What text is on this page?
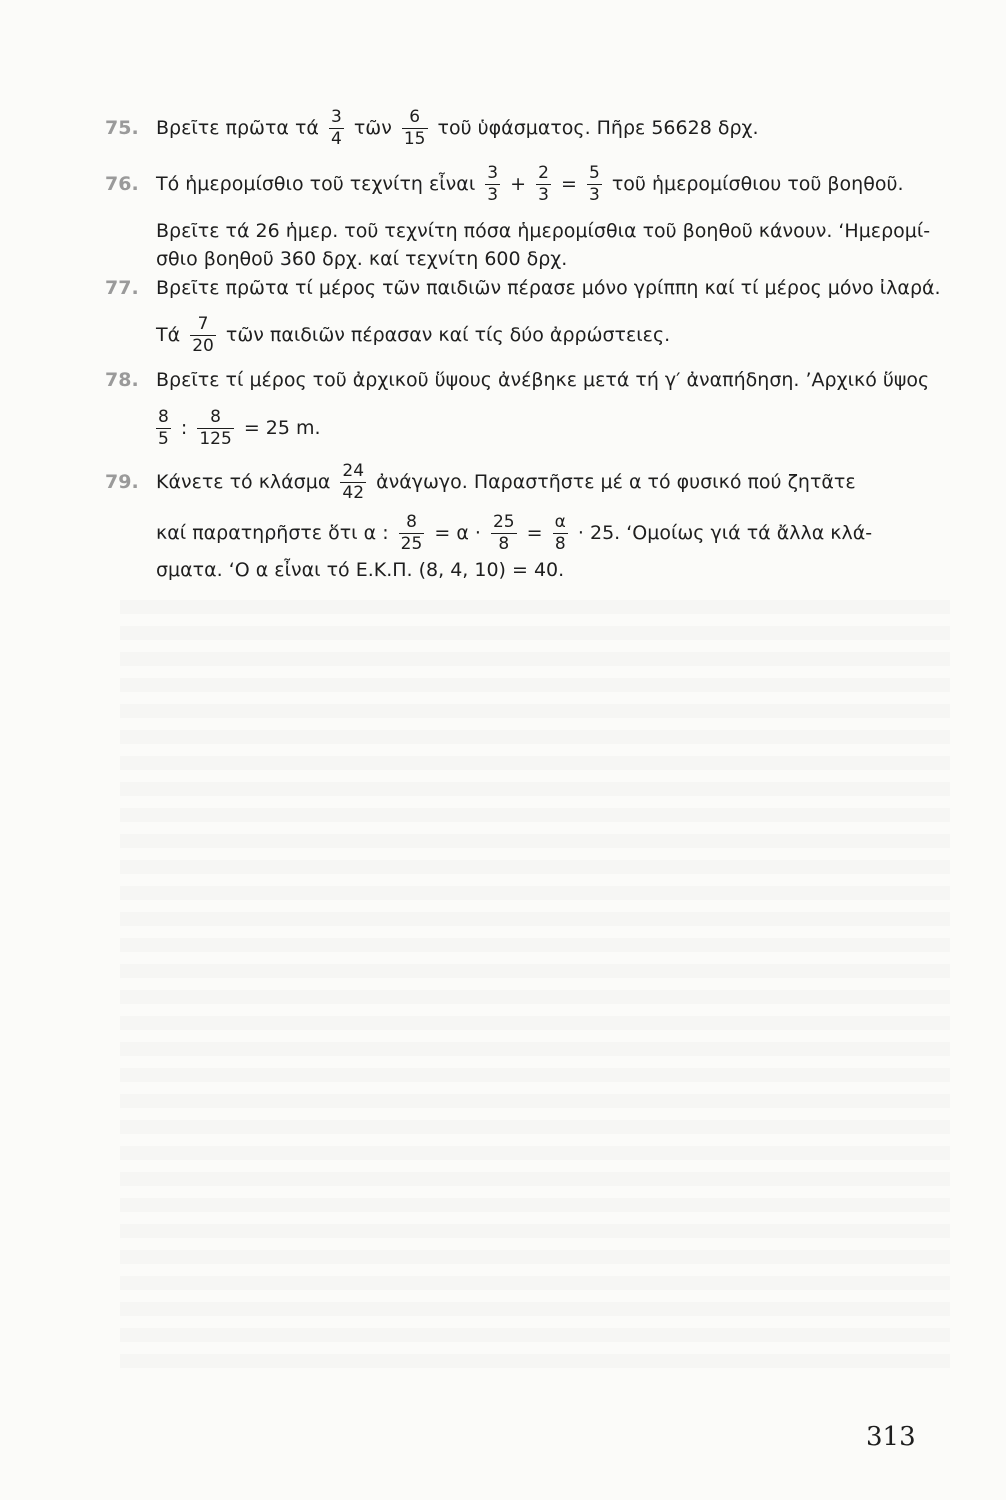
75. Βρεῖτε πρῶτα τά $\frac{3}{4}$ τῶν $\frac{6}{15}$ τοῦ ὑφάσματος. Πῆρε 56628 δρχ.
76. Τό ἡμερομίσθιο τοῦ τεχνίτη εἶναι $\frac{3}{3} + \frac{2}{3} = \frac{5}{3}$ τοῦ ἡμερομίσθιου τοῦ βοηθοῦ.
Βρεῖτε τά 26 ἡμερ. τοῦ τεχνίτη πόσα ἡμερομίσθια τοῦ βοηθοῦ κάνουν. ‘Ημερομί-
σθιο βοηθοῦ 360 δρχ. καί τεχνίτη 600 δρχ.
77. Βρεῖτε πρῶτα τί μέρος τῶν παιδιῶν πέρασε μόνο γρίππη καί τί μέρος μόνο ἰλαρά.
Τά $\frac{7}{20}$ τῶν παιδιῶν πέρασαν καί τίς δύο ἀρρώστειες.
78. Βρεῖτε τί μέρος τοῦ ἀρχικοῦ ὕψους ἀνέβηκε μετά τή γ′ ἀναπήδηση. ’Αρχικό ὕψος
$\frac{8}{5}$ : $\frac{8}{125} = 25$ m.
79. Κάνετε τό κλάσμα $\frac{24}{42}$ ἀνάγωγο. Παραστῆστε μέ α τό φυσικό πού ζητᾶτε
καί παρατηρῆστε ὅτι α : $\frac{8}{25} = \alpha \cdot \frac{25}{8} = \frac{\alpha}{8} \cdot 25$. ‘Ομοίως γιά τά ἄλλα κλά-
σματα. ‘Ο α εἶναι τό Ε.Κ.Π. (8, 4, 10) = 40.
313
